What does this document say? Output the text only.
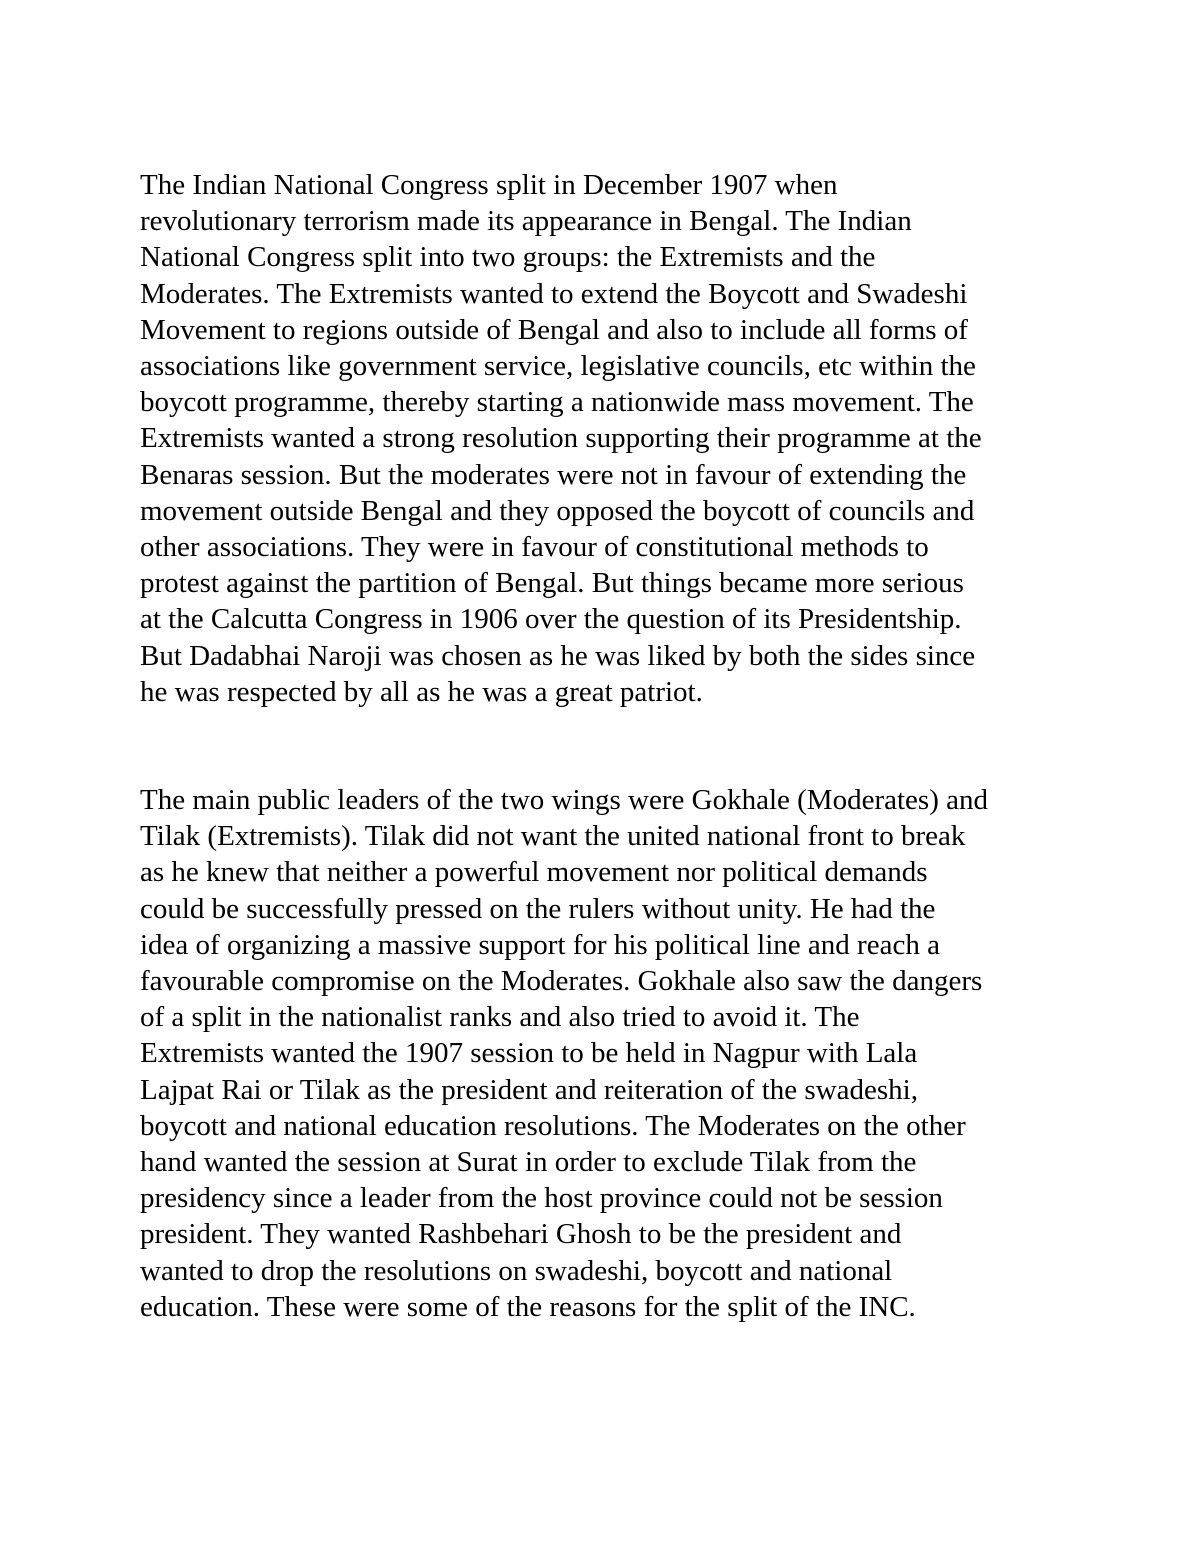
The Indian National Congress split in December 1907 when
revolutionary terrorism made its appearance in Bengal. The Indian
National Congress split into two groups: the Extremists and the
Moderates. The Extremists wanted to extend the Boycott and Swadeshi
Movement to regions outside of Bengal and also to include all forms of
associations like government service, legislative councils, etc within the
boycott programme, thereby starting a nationwide mass movement. The
Extremists wanted a strong resolution supporting their programme at the
Benaras session. But the moderates were not in favour of extending the
movement outside Bengal and they opposed the boycott of councils and
other associations. They were in favour of constitutional methods to
protest against the partition of Bengal. But things became more serious
at the Calcutta Congress in 1906 over the question of its Presidentship.
But Dadabhai Naroji was chosen as he was liked by both the sides since
he was respected by all as he was a great patriot.
The main public leaders of the two wings were Gokhale (Moderates) and
Tilak (Extremists). Tilak did not want the united national front to break
as he knew that neither a powerful movement nor political demands
could be successfully pressed on the rulers without unity. He had the
idea of organizing a massive support for his political line and reach a
favourable compromise on the Moderates. Gokhale also saw the dangers
of a split in the nationalist ranks and also tried to avoid it. The
Extremists wanted the 1907 session to be held in Nagpur with Lala
Lajpat Rai or Tilak as the president and reiteration of the swadeshi,
boycott and national education resolutions. The Moderates on the other
hand wanted the session at Surat in order to exclude Tilak from the
presidency since a leader from the host province could not be session
president. They wanted Rashbehari Ghosh to be the president and
wanted to drop the resolutions on swadeshi, boycott and national
education. These were some of the reasons for the split of the INC.
